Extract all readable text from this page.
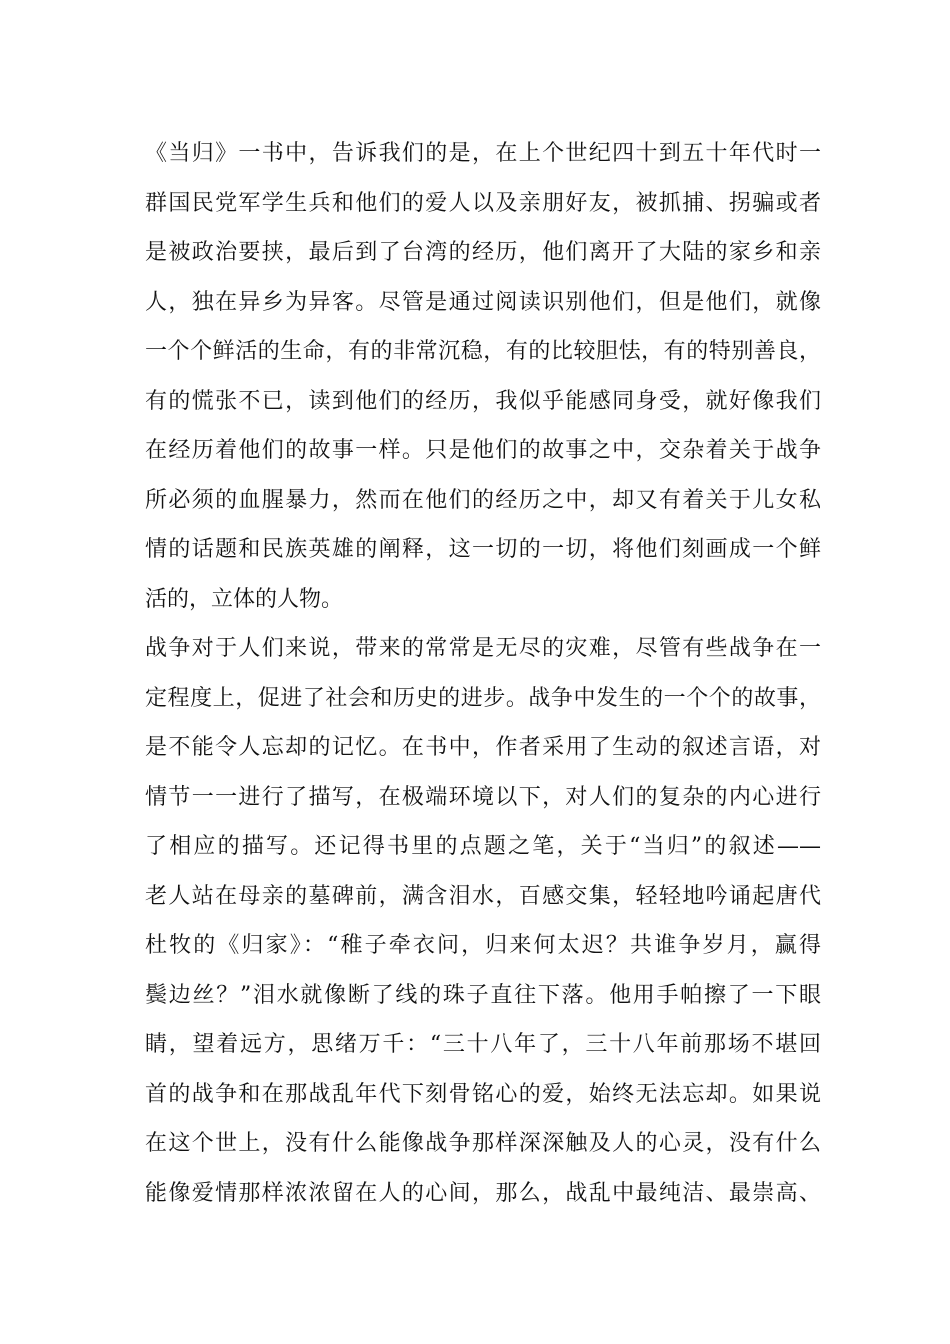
《当归》一书中，告诉我们的是，在上个世纪四十到五十年代时一
群国民党军学生兵和他们的爱人以及亲朋好友，被抓捕、拐骗或者
是被政治要挟，最后到了台湾的经历，他们离开了大陆的家乡和亲
人，独在异乡为异客。尽管是通过阅读识别他们，但是他们，就像
一个个鲜活的生命，有的非常沉稳，有的比较胆怯，有的特别善良，
有的慌张不已，读到他们的经历，我似乎能感同身受，就好像我们
在经历着他们的故事一样。只是他们的故事之中，交杂着关于战争
所必须的血腥暴力，然而在他们的经历之中，却又有着关于儿女私
情的话题和民族英雄的阐释，这一切的一切，将他们刻画成一个鲜
活的，立体的人物。
战争对于人们来说，带来的常常是无尽的灾难，尽管有些战争在一
定程度上，促进了社会和历史的进步。战争中发生的一个个的故事，
是不能令人忘却的记忆。在书中，作者采用了生动的叙述言语，对
情节一一进行了描写，在极端环境以下，对人们的复杂的内心进行
了相应的描写。还记得书里的点题之笔，关于“当归”的叙述——
老人站在母亲的墓碑前，满含泪水，百感交集，轻轻地吟诵起唐代
杜牧的《归家》：“稚子牵衣问，归来何太迟？共谁争岁月，赢得
鬓边丝？”泪水就像断了线的珠子直往下落。他用手帕擦了一下眼
睛，望着远方，思绪万千：“三十八年了，三十八年前那场不堪回
首的战争和在那战乱年代下刻骨铭心的爱，始终无法忘却。如果说
在这个世上，没有什么能像战争那样深深触及人的心灵，没有什么
能像爱情那样浓浓留在人的心间，那么，战乱中最纯洁、最崇高、
